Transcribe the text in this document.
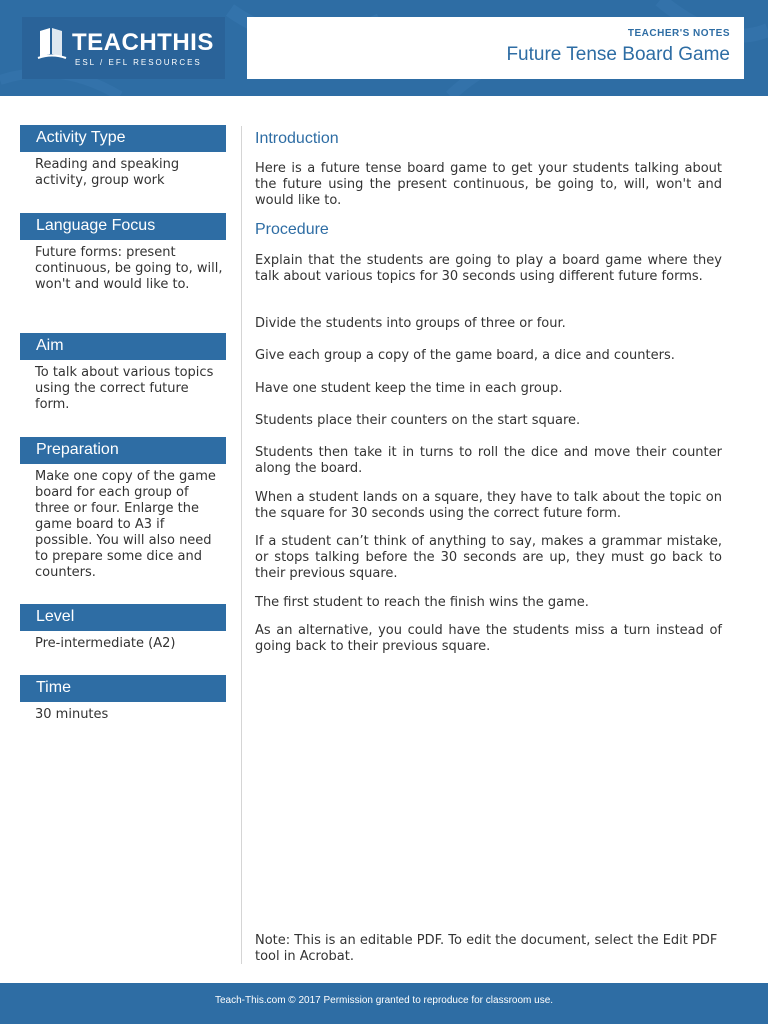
TEACHTHIS
ESL / EFL RESOURCES
TEACHER'S NOTES
Future Tense Board Game
Activity Type
Reading and speaking activity, group work
Language Focus
Future forms: present continuous, be going to, will, won't and would like to.
Aim
To talk about various topics using the correct future form.
Preparation
Make one copy of the game board for each group of three or four. Enlarge the game board to A3 if possible. You will also need to prepare some dice and counters.
Level
Pre-intermediate (A2)
Time
30 minutes
Introduction
Here is a future tense board game to get your students talking about the future using the present continuous, be going to, will, won't and would like to.
Procedure
Explain that the students are going to play a board game where they talk about various topics for 30 seconds using different future forms.
Divide the students into groups of three or four.
Give each group a copy of the game board, a dice and counters.
Have one student keep the time in each group.
Students place their counters on the start square.
Students then take it in turns to roll the dice and move their counter along the board.
When a student lands on a square, they have to talk about the topic on the square for 30 seconds using the correct future form.
If a student can’t think of anything to say, makes a grammar mistake, or stops talking before the 30 seconds are up, they must go back to their previous square.
The first student to reach the finish wins the game.
As an alternative, you could have the students miss a turn instead of going back to their previous square.
Note: This is an editable PDF. To edit the document, select the Edit PDF tool in Acrobat.
Teach-This.com © 2017 Permission granted to reproduce for classroom use.
